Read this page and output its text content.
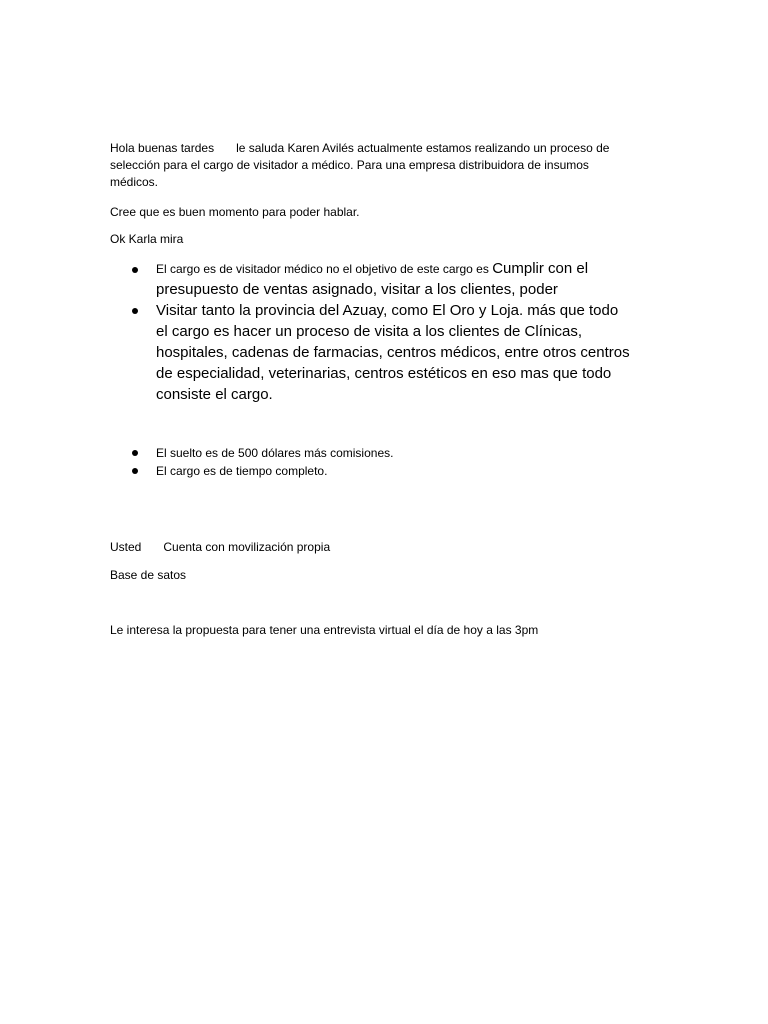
Hola buenas tardes le saluda Karen Avilés actualmente estamos realizando un proceso de
selección para el cargo de visitador a médico. Para una empresa distribuidora de insumos
médicos.

Cree que es buen momento para poder hablar.

Ok Karla mira

El cargo es de visitador médico no el objetivo de este cargo es Cumplir con el
presupuesto de ventas asignado, visitar a los clientes, poder
Visitar tanto la provincia del Azuay, como El Oro y Loja. más que todo
el cargo es hacer un proceso de visita a los clientes de Clínicas,
hospitales, cadenas de farmacias, centros médicos, entre otros centros
de especialidad, veterinarias, centros estéticos en eso mas que todo
consiste el cargo.
El suelto es de 500 dólares más comisiones.
El cargo es de tiempo completo.

Usted Cuenta con movilización propia

Base de satos

Le interesa la propuesta para tener una entrevista virtual el día de hoy a las 3pm
